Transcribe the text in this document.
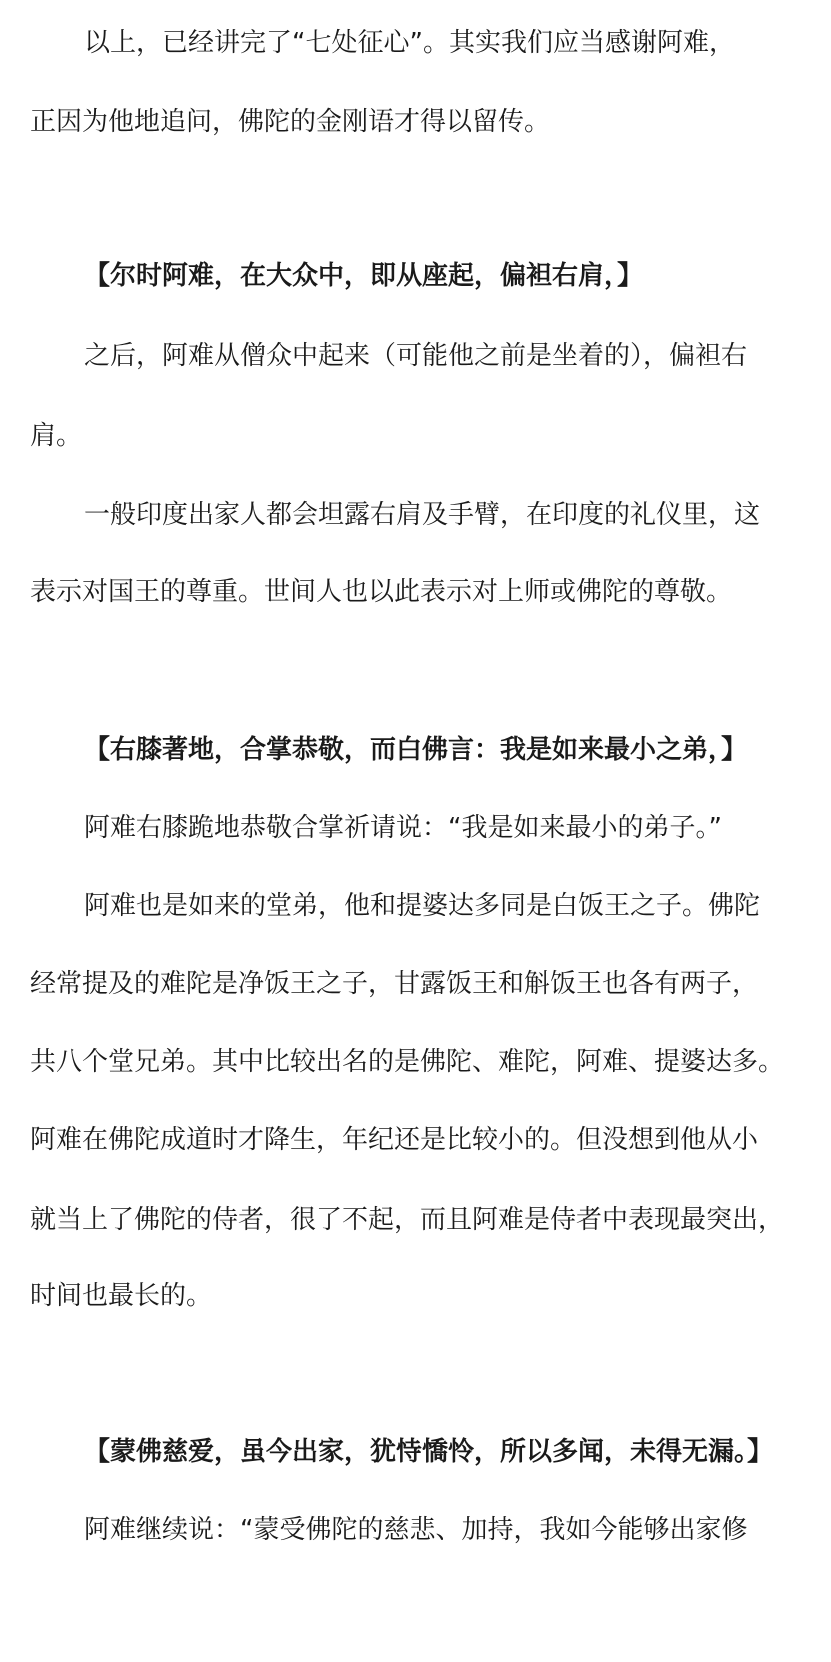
以上，已经讲完了“七处征心”。其实我们应当感谢阿难，
正因为他地追问，佛陀的金刚语才得以留传。
【尔时阿难，在大众中，即从座起，偏袒右肩，】
之后，阿难从僧众中起来（可能他之前是坐着的），偏袒右
肩。
一般印度出家人都会坦露右肩及手臂，在印度的礼仪里，这
表示对国王的尊重。世间人也以此表示对上师或佛陀的尊敬。
【右膝著地，合掌恭敬，而白佛言：我是如来最小之弟，】
阿难右膝跪地恭敬合掌祈请说：“我是如来最小的弟子。”
阿难也是如来的堂弟，他和提婆达多同是白饭王之子。佛陀
经常提及的难陀是净饭王之子，甘露饭王和斛饭王也各有两子，
共八个堂兄弟。其中比较出名的是佛陀、难陀，阿难、提婆达多。
阿难在佛陀成道时才降生，年纪还是比较小的。但没想到他从小
就当上了佛陀的侍者，很了不起，而且阿难是侍者中表现最突出，
时间也最长的。
【蒙佛慈爱，虽今出家，犹恃憍怜，所以多闻，未得无漏。】
阿难继续说：“蒙受佛陀的慈悲、加持，我如今能够出家修
